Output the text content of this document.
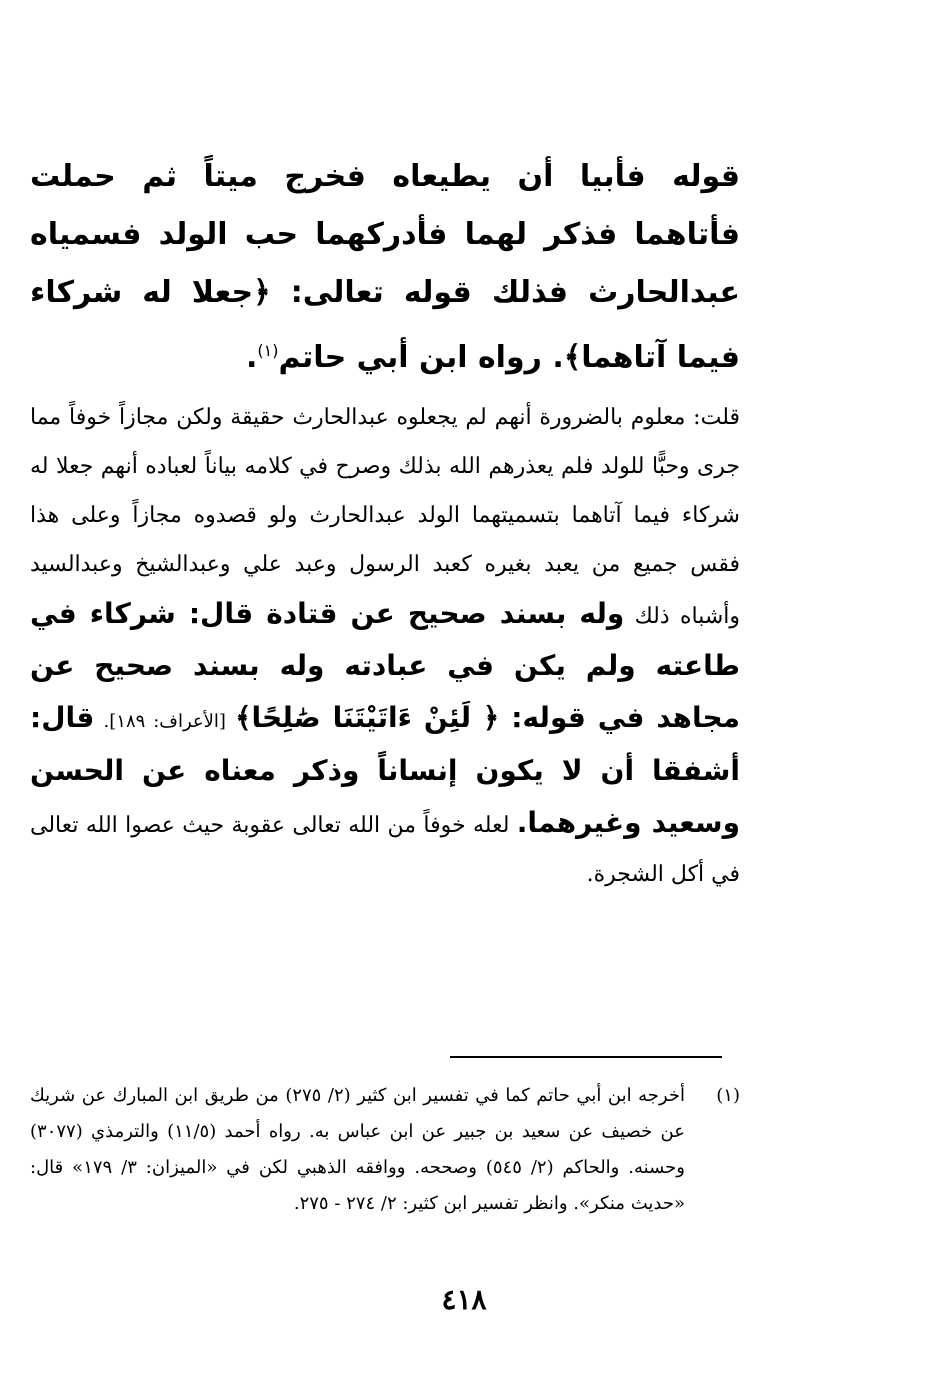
قوله فأبيا أن يطيعاه فخرج ميتاً ثم حملت فأتاهما فذكر لهما فأدركهما حب الولد فسمياه عبدالحارث فذلك قوله تعالى: ﴿جعلا له شركاء فيما آتاهما﴾. رواه ابن أبي حاتم$^{(١)}$.

قلت: معلوم بالضرورة أنهم لم يجعلوه عبدالحارث حقيقة ولكن مجازاً خوفاً مما جرى وحبًّا للولد فلم يعذرهم الله بذلك وصرح في كلامه بياناً لعباده أنهم جعلا له شركاء فيما آتاهما بتسميتهما الولد عبدالحارث ولو قصدوه مجازاً وعلى هذا فقس جميع من يعبد بغيره كعبد الرسول وعبد علي وعبدالشيخ وعبدالسيد وأشباه ذلك وله بسند صحيح عن قتادة قال: شركاء في طاعته ولم يكن في عبادته وله بسند صحيح عن مجاهد في قوله: ﴿ لَئِنْ ءَاتَيْتَنَا صَٰلِحًا﴾ [الأعراف: ١٨٩]. قال: أشفقا أن لا يكون إنساناً وذكر معناه عن الحسن وسعيد وغيرهما. لعله خوفاً من الله تعالى عقوبة حيث عصوا الله تعالى في أكل الشجرة.

(١)
أخرجه ابن أبي حاتم كما في تفسير ابن كثير (٢/ ٢٧٥) من طريق ابن المبارك عن شريك عن خصيف عن سعيد بن جبير عن ابن عباس به. رواه أحمد (١١/٥) والترمذي (٣٠٧٧) وحسنه. والحاكم (٢/ ٥٤٥) وصححه. ووافقه الذهبي لكن في «الميزان: ٣/ ١٧٩» قال: «حديث منكر». وانظر تفسير ابن كثير: ٢/ ٢٧٤ - ٢٧٥.
٤١٨
